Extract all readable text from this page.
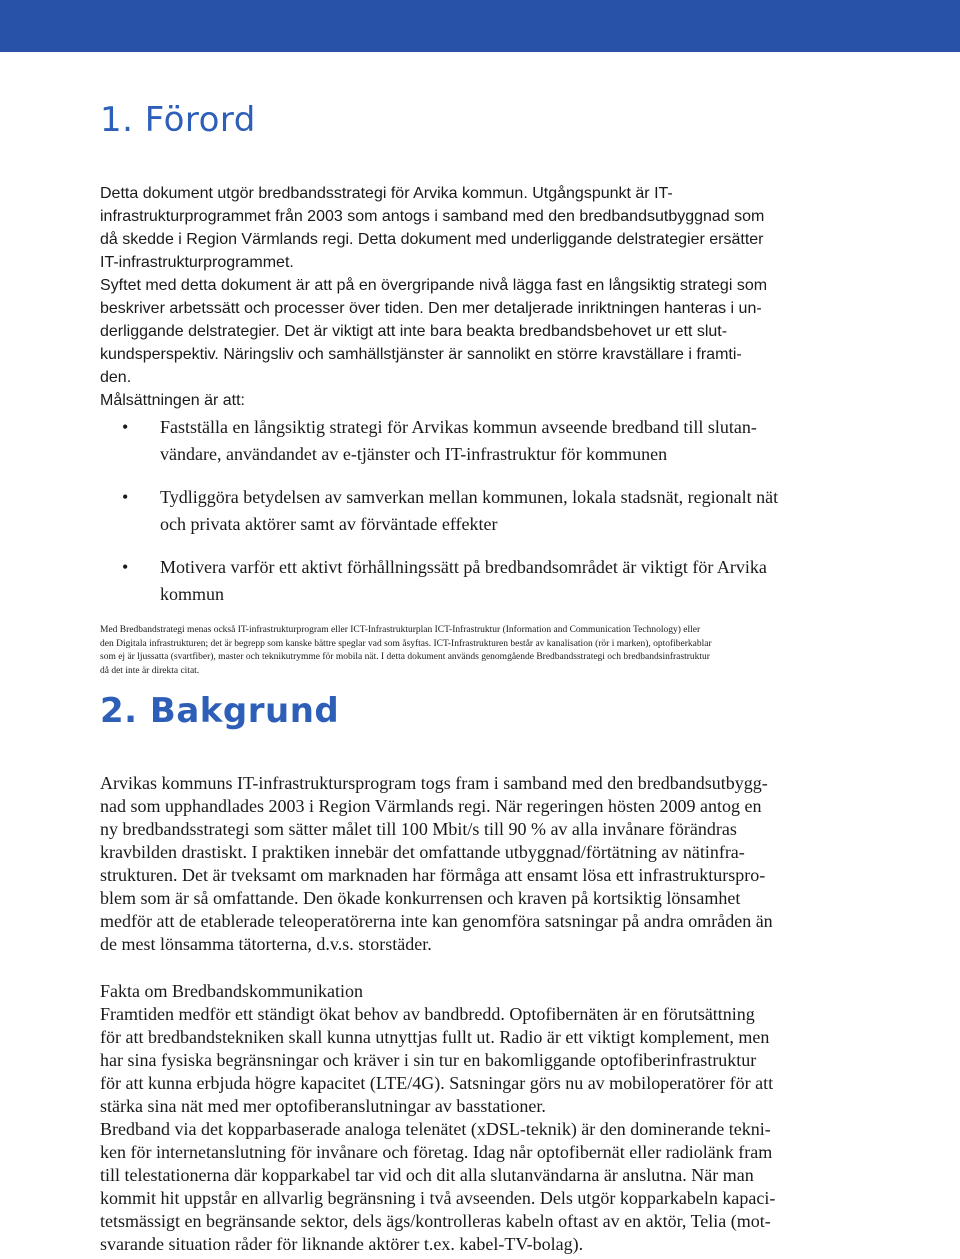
1. Förord
Detta dokument utgör bredbandsstrategi för Arvika kommun. Utgångspunkt är IT-
infrastrukturprogrammet från 2003 som antogs i samband med den bredbandsutbyggnad som
då skedde i Region Värmlands regi. Detta dokument med underliggande delstrategier ersätter
IT-infrastrukturprogrammet.
Syftet med detta dokument är att på en övergripande nivå lägga fast en långsiktig strategi som
beskriver arbetssätt och processer över tiden. Den mer detaljerade inriktningen hanteras i un-
derliggande delstrategier. Det är viktigt att inte bara beakta bredbandsbehovet ur ett slut-
kundsperspektiv. Näringsliv och samhällstjänster är sannolikt en större kravställare i framti-
den.
Målsättningen är att:
• Fastställa en långsiktig strategi för Arvikas kommun avseende bredband till slutan-
vändare, användandet av e-tjänster och IT-infrastruktur för kommunen
• Tydliggöra betydelsen av samverkan mellan kommunen, lokala stadsnät, regionalt nät
och privata aktörer samt av förväntade effekter
• Motivera varför ett aktivt förhållningssätt på bredbandsområdet är viktigt för Arvika
kommun
Med Bredbandstrategi menas också IT-infrastrukturprogram eller ICT-Infrastrukturplan ICT-Infrastruktur (Information and Communication Technology) eller
den Digitala infrastrukturen; det är begrepp som kanske bättre speglar vad som åsyftas. ICT-Infrastrukturen består av kanalisation (rör i marken), optofiberkablar
som ej är ljussatta (svartfiber), master och teknikutrymme för mobila nät. I detta dokument används genomgående Bredbandsstrategi och bredbandsinfrastruktur
då det inte är direkta citat.
2. Bakgrund
Arvikas kommuns IT-infrastruktursprogram togs fram i samband med den bredbandsutbygg-
nad som upphandlades 2003 i Region Värmlands regi. När regeringen hösten 2009 antog en
ny bredbandsstrategi som sätter målet till 100 Mbit/s till 90 % av alla invånare förändras
kravbilden drastiskt. I praktiken innebär det omfattande utbyggnad/förtätning av nätinfra-
strukturen. Det är tveksamt om marknaden har förmåga att ensamt lösa ett infrastrukturspro-
blem som är så omfattande. Den ökade konkurrensen och kraven på kortsiktig lönsamhet
medför att de etablerade teleoperatörerna inte kan genomföra satsningar på andra områden än
de mest lönsamma tätorterna, d.v.s. storstäder.
Fakta om Bredbandskommunikation
Framtiden medför ett ständigt ökat behov av bandbredd. Optofibernäten är en förutsättning
för att bredbandstekniken skall kunna utnyttjas fullt ut. Radio är ett viktigt komplement, men
har sina fysiska begränsningar och kräver i sin tur en bakomliggande optofiberinfrastruktur
för att kunna erbjuda högre kapacitet (LTE/4G). Satsningar görs nu av mobiloperatörer för att
stärka sina nät med mer optofiberanslutningar av basstationer.
Bredband via det kopparbaserade analoga telenätet (xDSL-teknik) är den dominerande tekni-
ken för internetanslutning för invånare och företag. Idag når optofibernät eller radiolänk fram
till telestationerna där kopparkabel tar vid och dit alla slutanvändarna är anslutna. När man
kommit hit uppstår en allvarlig begränsning i två avseenden. Dels utgör kopparkabeln kapaci-
tetsmässigt en begränsande sektor, dels ägs/kontrolleras kabeln oftast av en aktör, Telia (mot-
svarande situation råder för liknande aktörer t.ex. kabel-TV-bolag).
